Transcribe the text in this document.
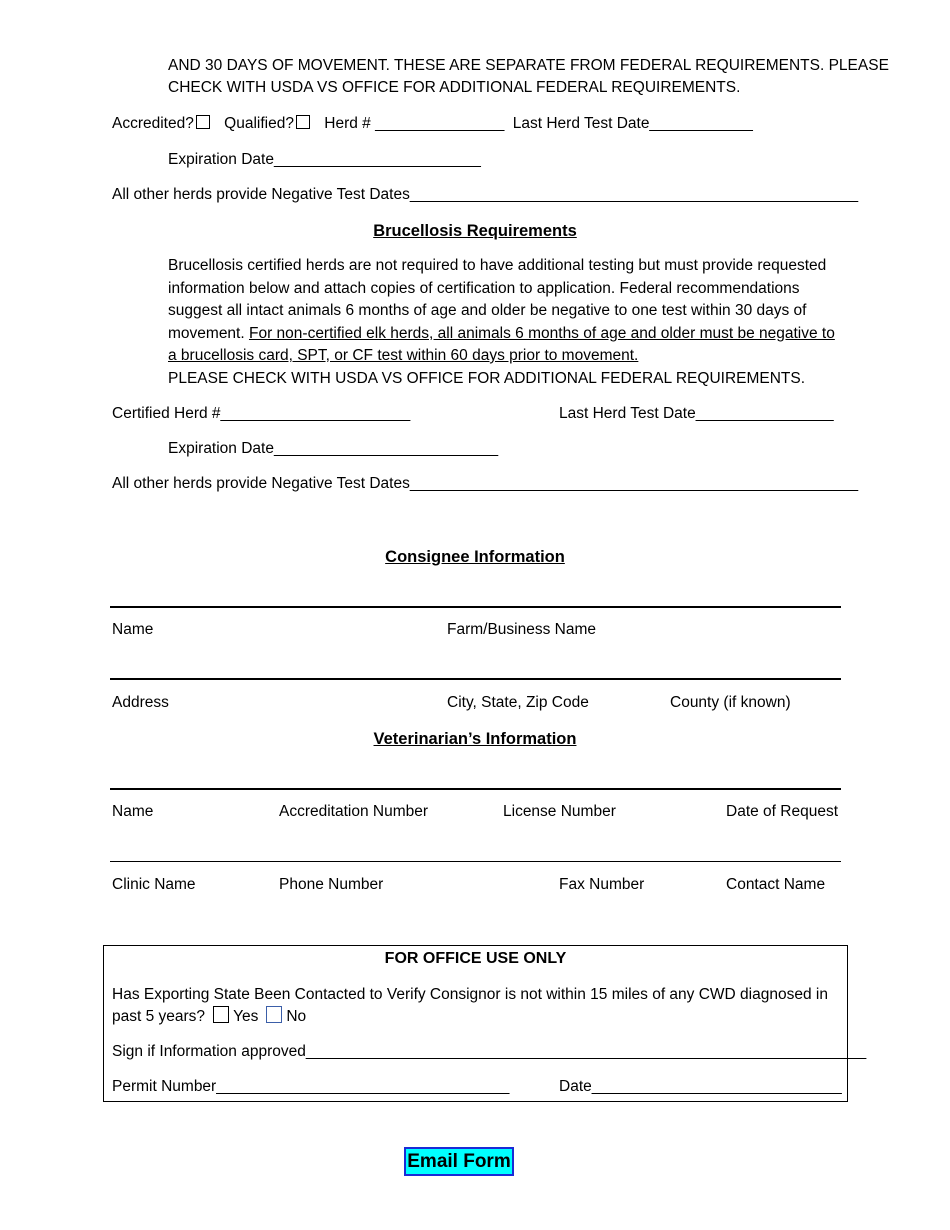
AND 30 DAYS OF MOVEMENT. THESE ARE SEPARATE FROM FEDERAL REQUIREMENTS. PLEASE
CHECK WITH USDA VS OFFICE FOR ADDITIONAL FEDERAL REQUIREMENTS.
Accredited? Qualified? Herd # _______________ Last Herd Test Date____________
Expiration Date________________________
All other herds provide Negative Test Dates____________________________________________________
Brucellosis Requirements
Brucellosis certified herds are not required to have additional testing but must provide requested information below and attach copies of certification to application. Federal recommendations suggest all intact animals 6 months of age and older be negative to one test within 30 days of movement. For non-certified elk herds, all animals 6 months of age and older must be negative to a brucellosis card, SPT, or CF test within 60 days prior to movement.
PLEASE CHECK WITH USDA VS OFFICE FOR ADDITIONAL FEDERAL REQUIREMENTS.
Certified Herd #______________________	Last Herd Test Date________________
Expiration Date__________________________
All other herds provide Negative Test Dates____________________________________________________
Consignee Information
Name	Farm/Business Name
Address	City, State, Zip Code	County (if known)
Veterinarian’s Information
Name	Accreditation Number	License Number	Date of Request
Clinic Name	Phone Number	Fax Number	Contact Name
FOR OFFICE USE ONLY
Has Exporting State Been Contacted to Verify Consignor is not within 15 miles of any CWD diagnosed in
past 5 years? Yes No
Sign if Information approved_________________________________________________________________
Permit Number__________________________________	Date_____________________________
Email Form
